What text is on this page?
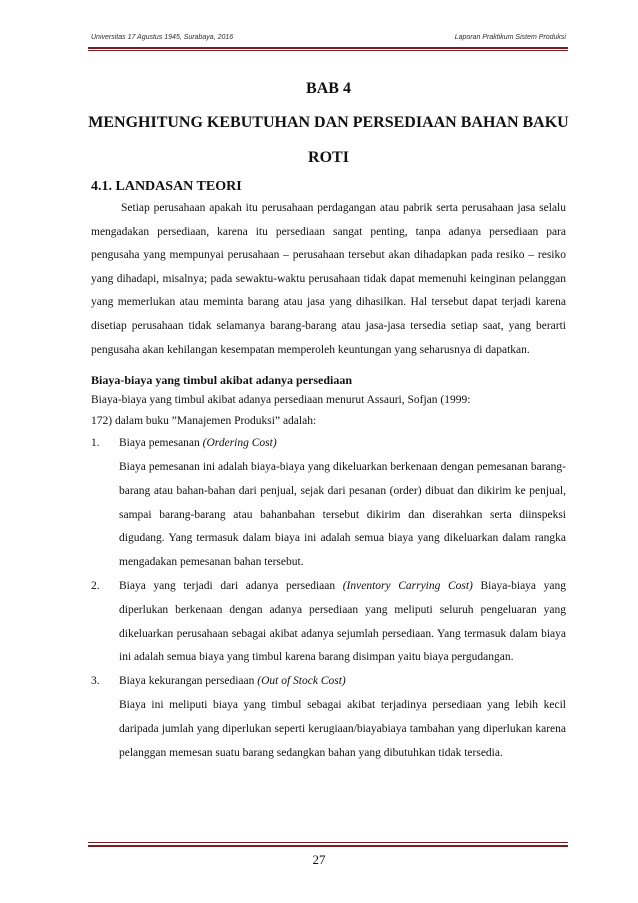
Universitas 17 Agustus 1945, Surabaya, 2016	Laporan Praktikum Sistem Produksi

BAB 4

MENGHITUNG KEBUTUHAN DAN PERSEDIAAN BAHAN BAKU ROTI

4.1. LANDASAN TEORI

Setiap perusahaan apakah itu perusahaan perdagangan atau pabrik serta perusahaan jasa selalu mengadakan persediaan, karena itu persediaan sangat penting, tanpa adanya persediaan para pengusaha yang mempunyai perusahaan – perusahaan tersebut akan dihadapkan pada resiko – resiko yang dihadapi, misalnya; pada sewaktu-waktu perusahaan tidak dapat memenuhi keinginan pelanggan yang memerlukan atau meminta barang atau jasa yang dihasilkan. Hal tersebut dapat terjadi karena disetiap perusahaan tidak selamanya barang-barang atau jasa-jasa tersedia setiap saat, yang berarti pengusaha akan kehilangan kesempatan memperoleh keuntungan yang seharusnya di dapatkan.

Biaya-biaya yang timbul akibat adanya persediaan

Biaya-biaya yang timbul akibat adanya persediaan menurut Assauri, Sofjan (1999:

172) dalam buku ”Manajemen Produksi” adalah:

1. Biaya pemesanan (Ordering Cost)
Biaya pemesanan ini adalah biaya-biaya yang dikeluarkan berkenaan dengan pemesanan barang-barang atau bahan-bahan dari penjual, sejak dari pesanan (order) dibuat dan dikirim ke penjual, sampai barang-barang atau bahanbahan tersebut dikirim dan diserahkan serta diinspeksi digudang. Yang termasuk dalam biaya ini adalah semua biaya yang dikeluarkan dalam rangka mengadakan pemesanan bahan tersebut.
2. Biaya yang terjadi dari adanya persediaan (Inventory Carrying Cost) Biaya-biaya yang diperlukan berkenaan dengan adanya persediaan yang meliputi seluruh pengeluaran yang dikeluarkan perusahaan sebagai akibat adanya sejumlah persediaan. Yang termasuk dalam biaya ini adalah semua biaya yang timbul karena barang disimpan yaitu biaya pergudangan.
3. Biaya kekurangan persediaan (Out of Stock Cost)
Biaya ini meliputi biaya yang timbul sebagai akibat terjadinya persediaan yang lebih kecil daripada jumlah yang diperlukan seperti kerugiaan/biayabiaya tambahan yang diperlukan karena pelanggan memesan suatu barang sedangkan bahan yang dibutuhkan tidak tersedia.
27
